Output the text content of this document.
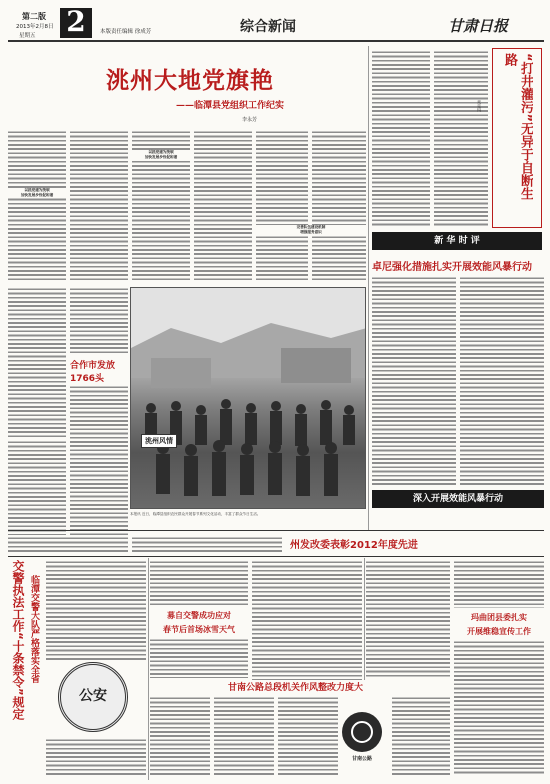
第二版
2013年2月8日
星期五 2	本版责任编辑 徐成芳	综合新闻	甘肃日报
洮州大地党旗艳
——临潭县党组织工作纪实
李永芳
以抓党建为统领
加快发展步伐促和谐
以抓党建为统领
加快发展步伐促和谐
完善队伍建设机制
增强服务意识
洮州风情
本报讯 近日，临潭县组织农民群众开展春节系列文化活动，丰富了群众节日生活。
合作市发放1766头
“打井灌污”无异于自断生路
麦克玛
新 华 时 评
卓尼强化措施扎实开展效能风暴行动
深入开展效能风暴行动
州发改委表彰2012年度先进
交警执法工作“十条禁令”规定 临潭交警大队严格落实全省
公安
募自交警成功应对
春节后首场冰雪天气
甘南公路总段机关作风整改力度大
甘南公路
玛曲团县委扎实
开展维稳宣传工作
